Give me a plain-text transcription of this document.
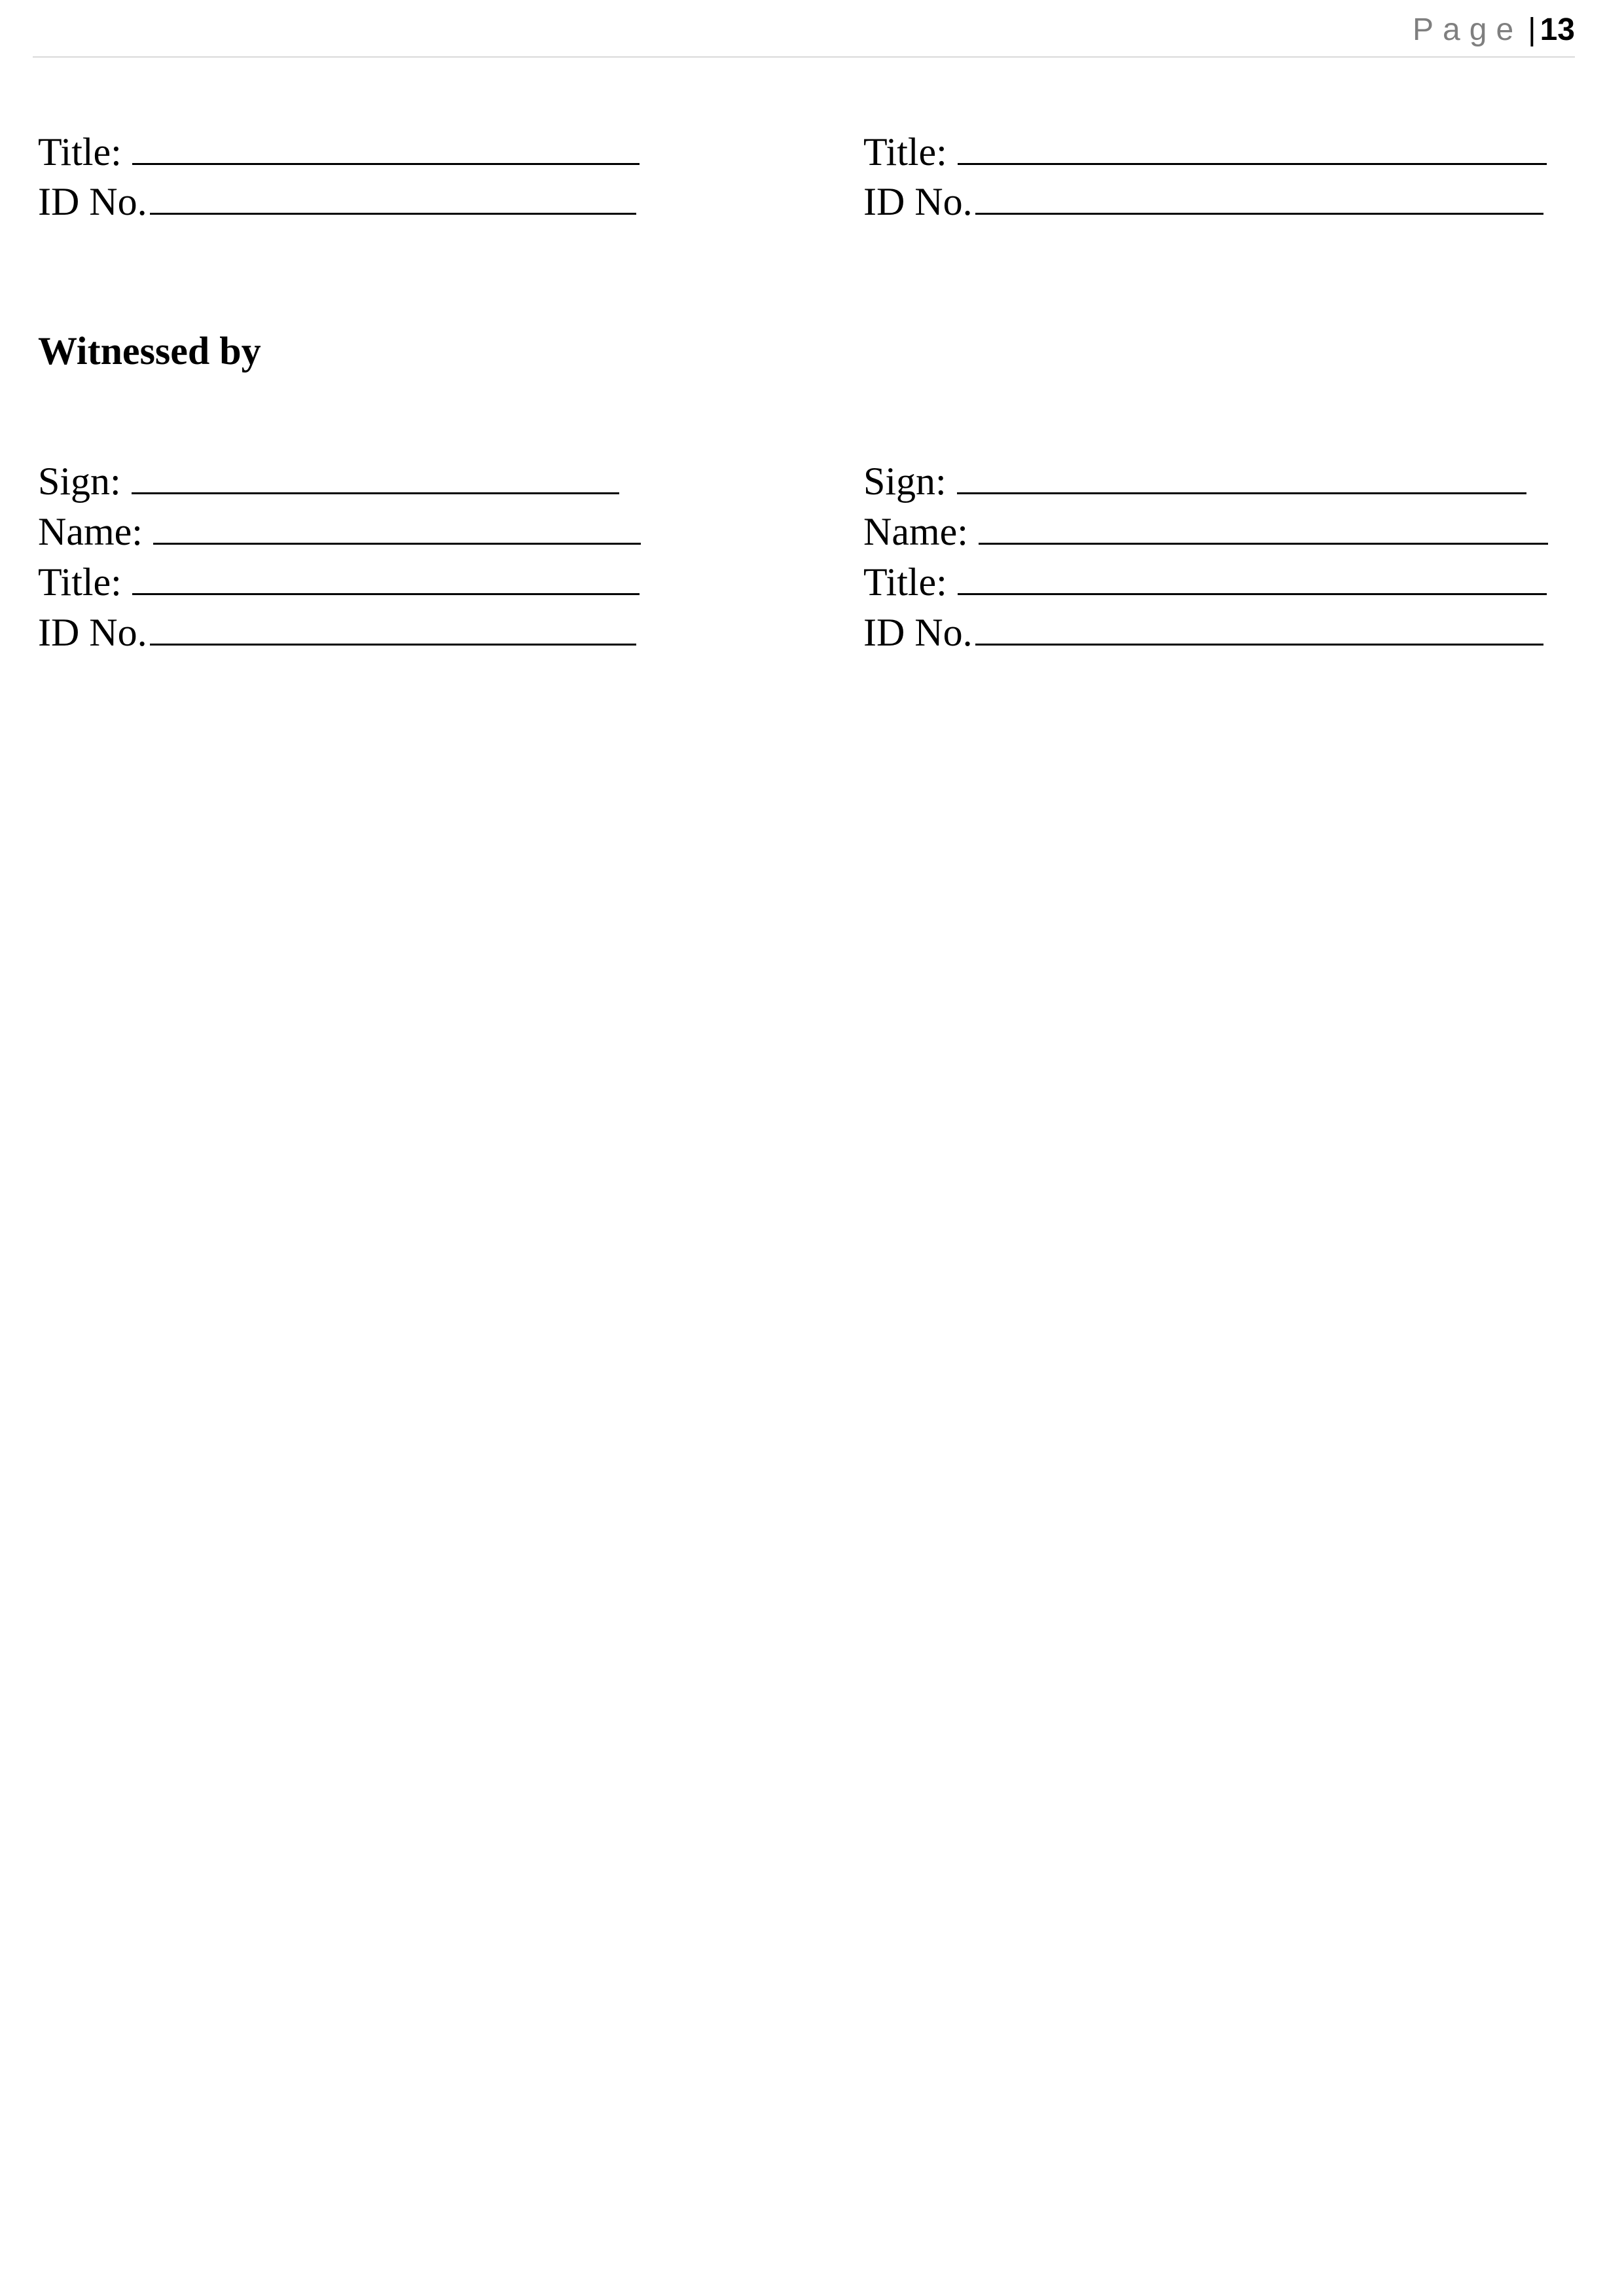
Page | 13
Title:
ID No.
Title:
ID No.
Witnessed by
Sign:
Name:
Title:
ID No.
Sign:
Name:
Title:
ID No.
